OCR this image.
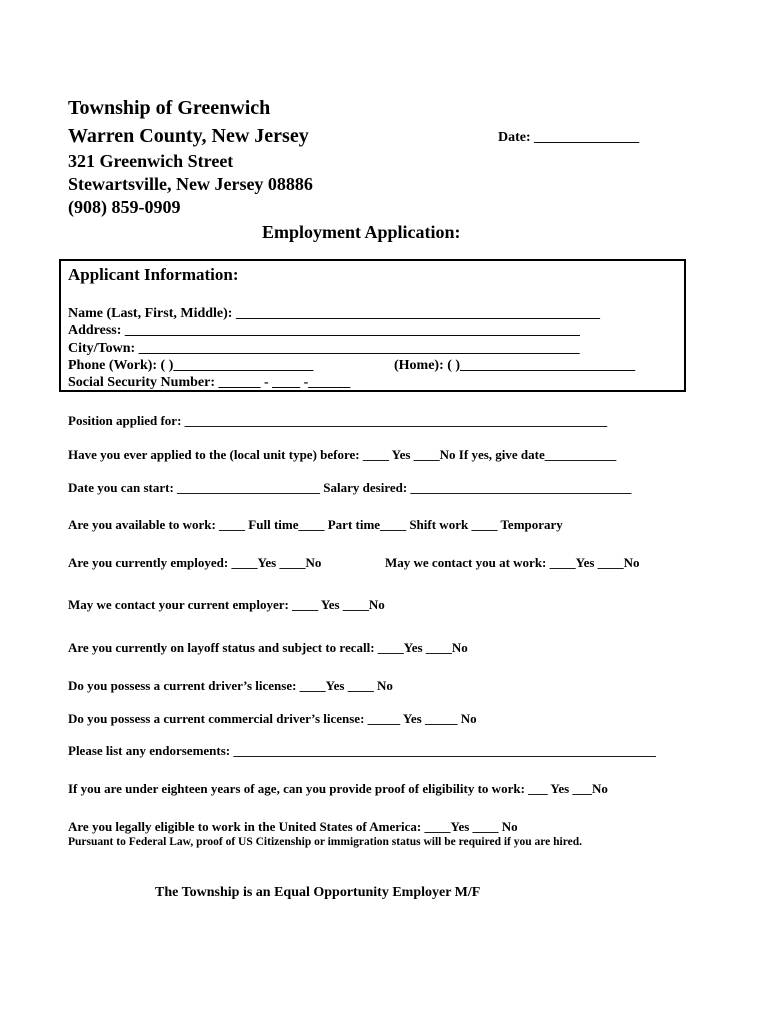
Township of Greenwich
Warren County, New Jersey	Date: _______________
321 Greenwich Street
Stewartsville, New Jersey 08886
(908) 859-0909
Employment Application:
Applicant Information:
Name (Last, First, Middle): ____________________________________________________
Address: _________________________________________________________________
City/Town: _______________________________________________________________
Phone (Work): ( )____________________	(Home): ( )_________________________
Social Security Number: ______ - ____ -______
Position applied for: _________________________________________________________________
Have you ever applied to the (local unit type) before: ____ Yes ____No If yes, give date___________
Date you can start: ______________________ Salary desired: __________________________________
Are you available to work: ____ Full time____ Part time____ Shift work ____ Temporary
Are you currently employed: ____Yes ____No	May we contact you at work: ____Yes ____No
May we contact your current employer: ____ Yes ____No
Are you currently on layoff status and subject to recall: ____Yes ____No
Do you possess a current driver’s license: ____Yes ____ No
Do you possess a current commercial driver’s license: _____ Yes _____ No
Please list any endorsements: _________________________________________________________________
If you are under eighteen years of age, can you provide proof of eligibility to work: ___ Yes ___No
Are you legally eligible to work in the United States of America: ____Yes ____ No
Pursuant to Federal Law, proof of US Citizenship or immigration status will be required if you are hired.
The Township is an Equal Opportunity Employer M/F
